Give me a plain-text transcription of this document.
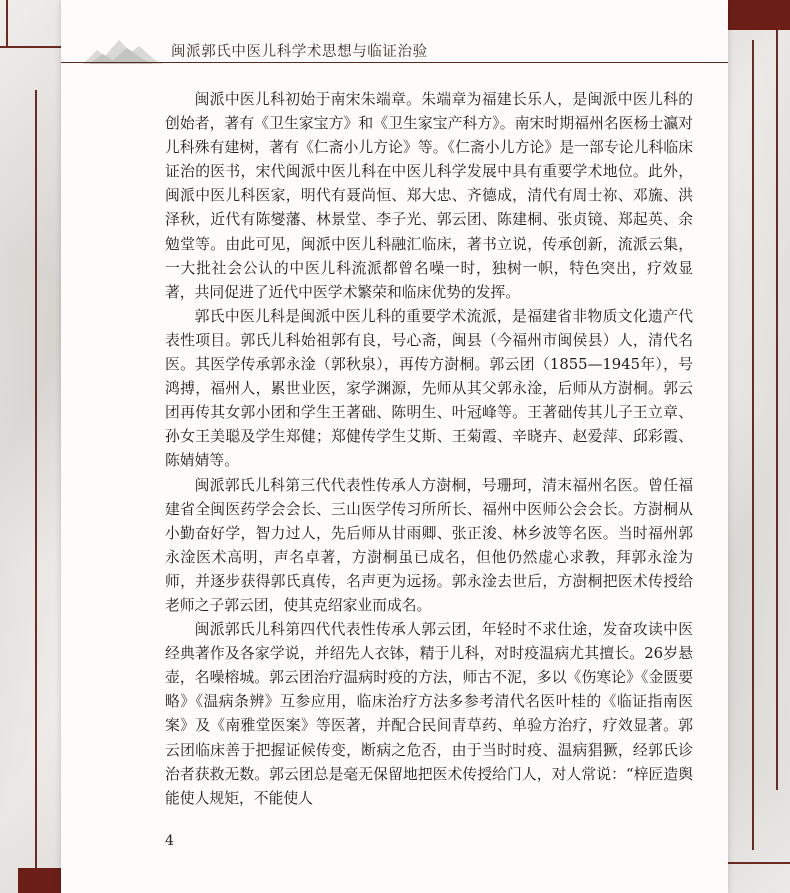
闽派郭氏中医儿科学术思想与临证治验

闽派中医儿科初始于南宋朱端章。朱端章为福建长乐人，是闽派中医儿科的创始者，著有《卫生家宝方》和《卫生家宝产科方》。南宋时期福州名医杨士瀛对儿科殊有建树，著有《仁斋小儿方论》等。《仁斋小儿方论》是一部专论儿科临床证治的医书，宋代闽派中医儿科在中医儿科学发展中具有重要学术地位。此外，闽派中医儿科医家，明代有聂尚恒、郑大忠、齐德成，清代有周士祢、邓旒、洪泽秋，近代有陈燮藩、林景堂、李子光、郭云团、陈建桐、张贞镜、郑起英、余勉堂等。由此可见，闽派中医儿科融汇临床，著书立说，传承创新，流派云集，一大批社会公认的中医儿科流派都曾名噪一时，独树一帜，特色突出，疗效显著，共同促进了近代中医学术繁荣和临床优势的发挥。

郭氏中医儿科是闽派中医儿科的重要学术流派，是福建省非物质文化遗产代表性项目。郭氏儿科始祖郭有良，号心斋，闽县（今福州市闽侯县）人，清代名医。其医学传承郭永淦（郭秋泉），再传方澍桐。郭云团（1855—1945年），号鸿搏，福州人，累世业医，家学渊源，先师从其父郭永淦，后师从方澍桐。郭云团再传其女郭小团和学生王著础、陈明生、叶冠峰等。王著础传其儿子王立章、孙女王美聪及学生郑健；郑健传学生艾斯、王菊霞、辛晓卉、赵爱萍、邱彩霞、陈婧婧等。

闽派郭氏儿科第三代代表性传承人方澍桐，号珊珂，清末福州名医。曾任福建省全闽医药学会会长、三山医学传习所所长、福州中医师公会会长。方澍桐从小勤奋好学，智力过人，先后师从甘雨卿、张正浚、林乡波等名医。当时福州郭永淦医术高明，声名卓著，方澍桐虽已成名，但他仍然虚心求教，拜郭永淦为师，并逐步获得郭氏真传，名声更为远扬。郭永淦去世后，方澍桐把医术传授给老师之子郭云团，使其克绍家业而成名。

闽派郭氏儿科第四代代表性传承人郭云团，年轻时不求仕途，发奋攻读中医经典著作及各家学说，并绍先人衣钵，精于儿科，对时疫温病尤其擅长。26岁悬壶，名噪榕城。郭云团治疗温病时疫的方法，师古不泥，多以《伤寒论》《金匮要略》《温病条辨》互参应用，临床治疗方法多参考清代名医叶桂的《临证指南医案》及《南雅堂医案》等医著，并配合民间青草药、单验方治疗，疗效显著。郭云团临床善于把握证候传变，断病之危否，由于当时时疫、温病猖獗，经郭氏诊治者获救无数。郭云团总是毫无保留地把医术传授给门人，对人常说：“梓匠造舆能使人规矩，不能使人

4
